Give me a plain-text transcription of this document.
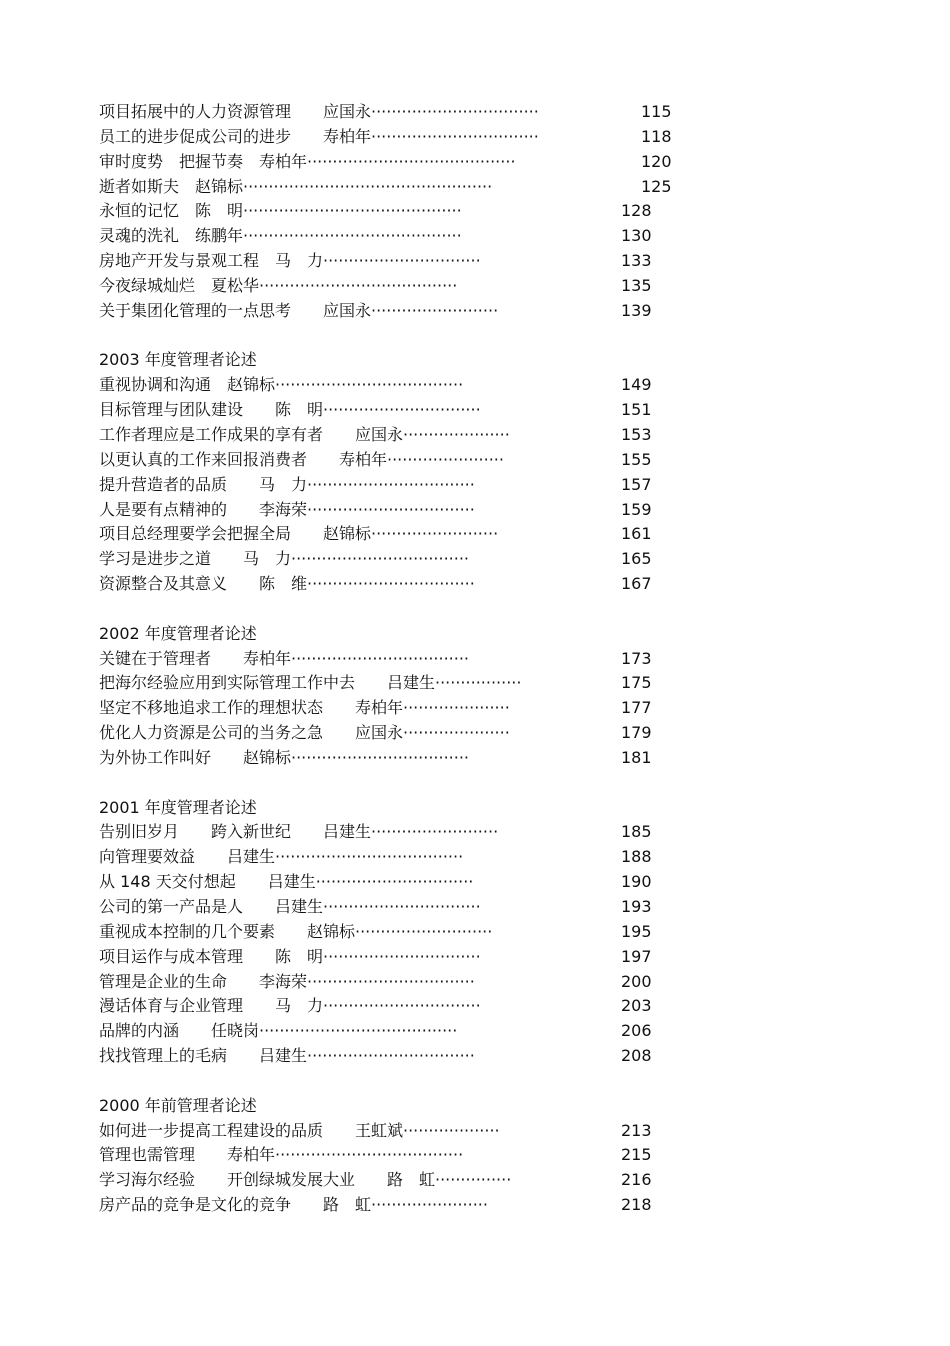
项目拓展中的人力资源管理　　应国永·································	115
员工的进步促成公司的进步　　寿柏年·································	118
审时度势　把握节奏　寿柏年·········································	120
逝者如斯夫　赵锦标·················································	125
永恒的记忆　陈　明···········································	128
灵魂的洗礼　练鹏年···········································	130
房地产开发与景观工程　马　力·······························	133
今夜绿城灿烂　夏松华·······································	135
关于集团化管理的一点思考　　应国永·························	139
2003 年度管理者论述
重视协调和沟通　赵锦标·····································	149
目标管理与团队建设　　陈　明·······························	151
工作者理应是工作成果的享有者　　应国永·····················	153
以更认真的工作来回报消费者　　寿柏年·······················	155
提升营造者的品质　　马　力·································	157
人是要有点精神的　　李海荣·································	159
项目总经理要学会把握全局　　赵锦标·························	161
学习是进步之道　　马　力···································	165
资源整合及其意义　　陈　维·································	167
2002 年度管理者论述
关键在于管理者　　寿柏年···································	173
把海尔经验应用到实际管理工作中去　　吕建生·················	175
坚定不移地追求工作的理想状态　　寿柏年·····················	177
优化人力资源是公司的当务之急　　应国永·····················	179
为外协工作叫好　　赵锦标···································	181
2001 年度管理者论述
告别旧岁月　　跨入新世纪　　吕建生·························	185
向管理要效益　　吕建生·····································	188
从 148 天交付想起　　吕建生·······························	190
公司的第一产品是人　　吕建生·······························	193
重视成本控制的几个要素　　赵锦标···························	195
项目运作与成本管理　　陈　明·······························	197
管理是企业的生命　　李海荣·································	200
漫话体育与企业管理　　马　力·······························	203
品牌的内涵　　任晓岗·······································	206
找找管理上的毛病　　吕建生·································	208
2000 年前管理者论述
如何进一步提高工程建设的品质　　王虹斌···················	213
管理也需管理　　寿柏年·····································	215
学习海尔经验　　开创绿城发展大业　　路　虹···············	216
房产品的竞争是文化的竞争　　路　虹·······················	218
